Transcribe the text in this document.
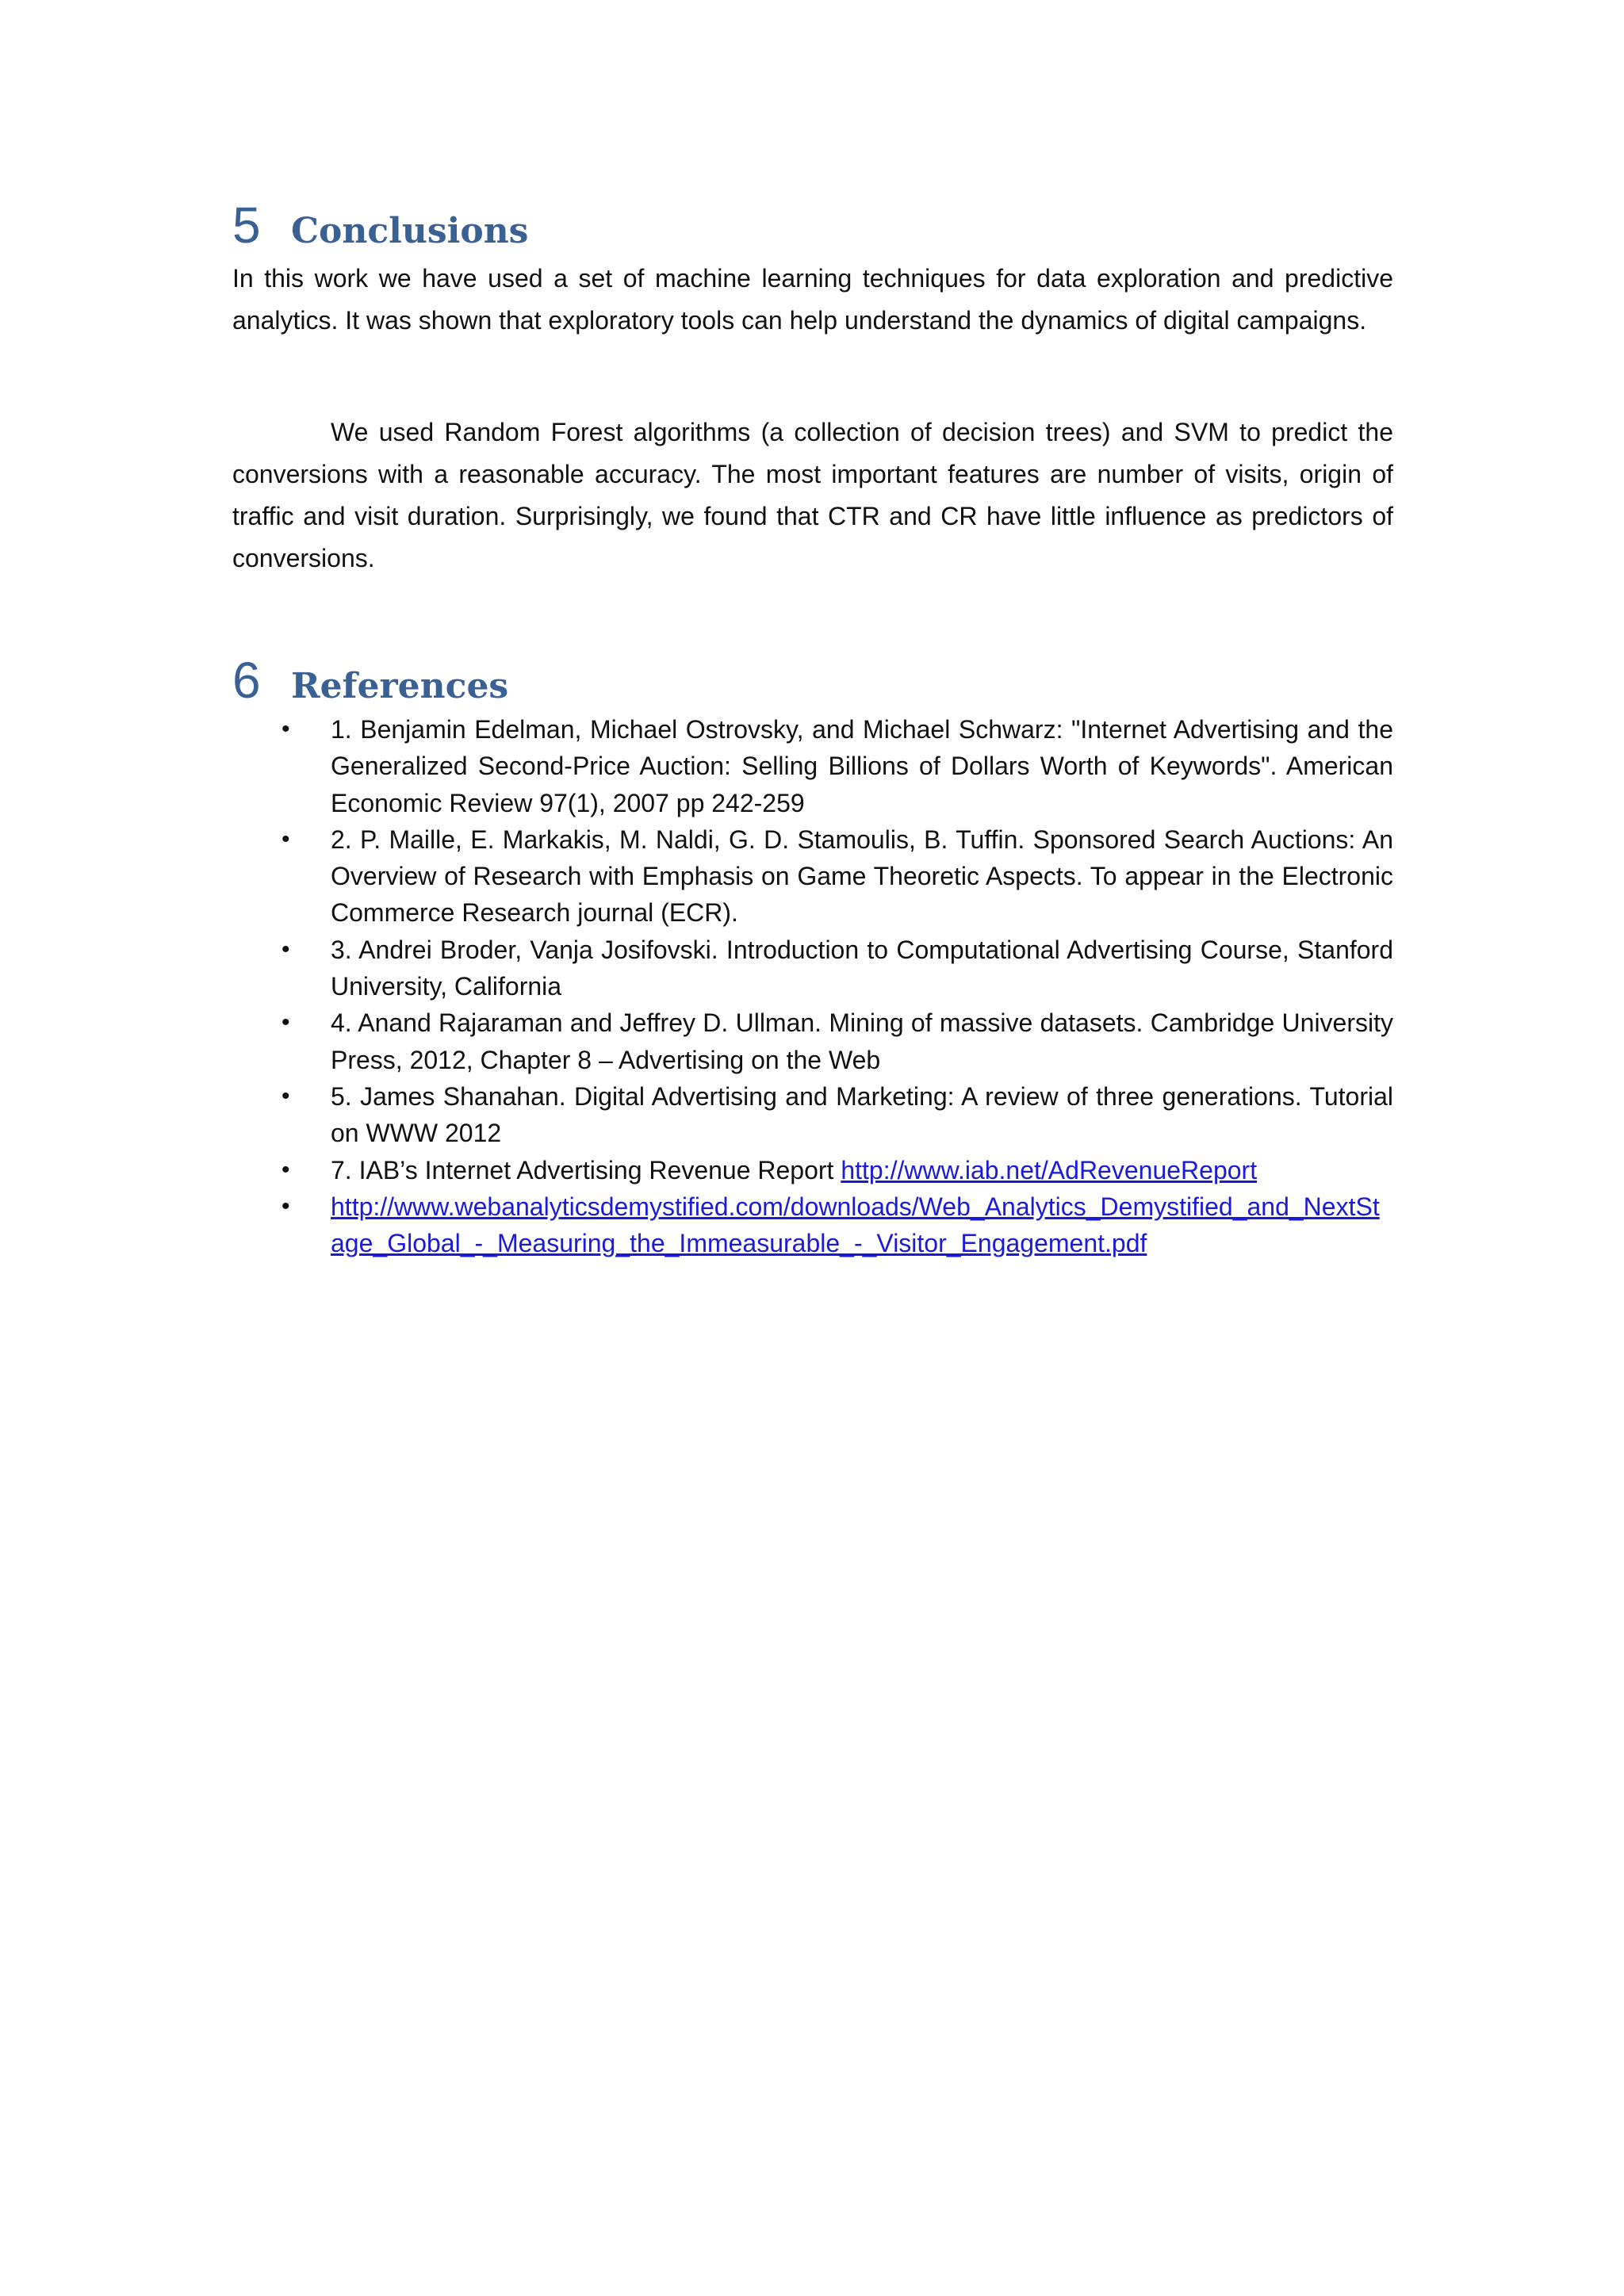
5 Conclusions

In this work we have used a set of machine learning techniques for data exploration and predictive analytics. It was shown that exploratory tools can help understand the dynamics of digital campaigns.

We used Random Forest algorithms (a collection of decision trees) and SVM to predict the conversions with a reasonable accuracy. The most important features are number of visits, origin of traffic and visit duration. Surprisingly, we found that CTR and CR have little influence as predictors of conversions.

6 References
• 1. Benjamin Edelman, Michael Ostrovsky, and Michael Schwarz: "Internet Advertising and the Generalized Second-Price Auction: Selling Billions of Dollars Worth of Keywords". American Economic Review 97(1), 2007 pp 242-259
• 2. P. Maille, E. Markakis, M. Naldi, G. D. Stamoulis, B. Tuffin. Sponsored Search Auctions: An Overview of Research with Emphasis on Game Theoretic Aspects. To appear in the Electronic Commerce Research journal (ECR).
• 3. Andrei Broder, Vanja Josifovski. Introduction to Computational Advertising Course, Stanford University, California
• 4. Anand Rajaraman and Jeffrey D. Ullman. Mining of massive datasets. Cambridge University Press, 2012, Chapter 8 – Advertising on the Web
• 5. James Shanahan. Digital Advertising and Marketing: A review of three generations. Tutorial on WWW 2012
• 7. IAB’s Internet Advertising Revenue Report http://www.iab.net/AdRevenueReport
• http://www.webanalyticsdemystified.com/downloads/Web_Analytics_Demystified_and_NextStage_Global_-_Measuring_the_Immeasurable_-_Visitor_Engagement.pdf
